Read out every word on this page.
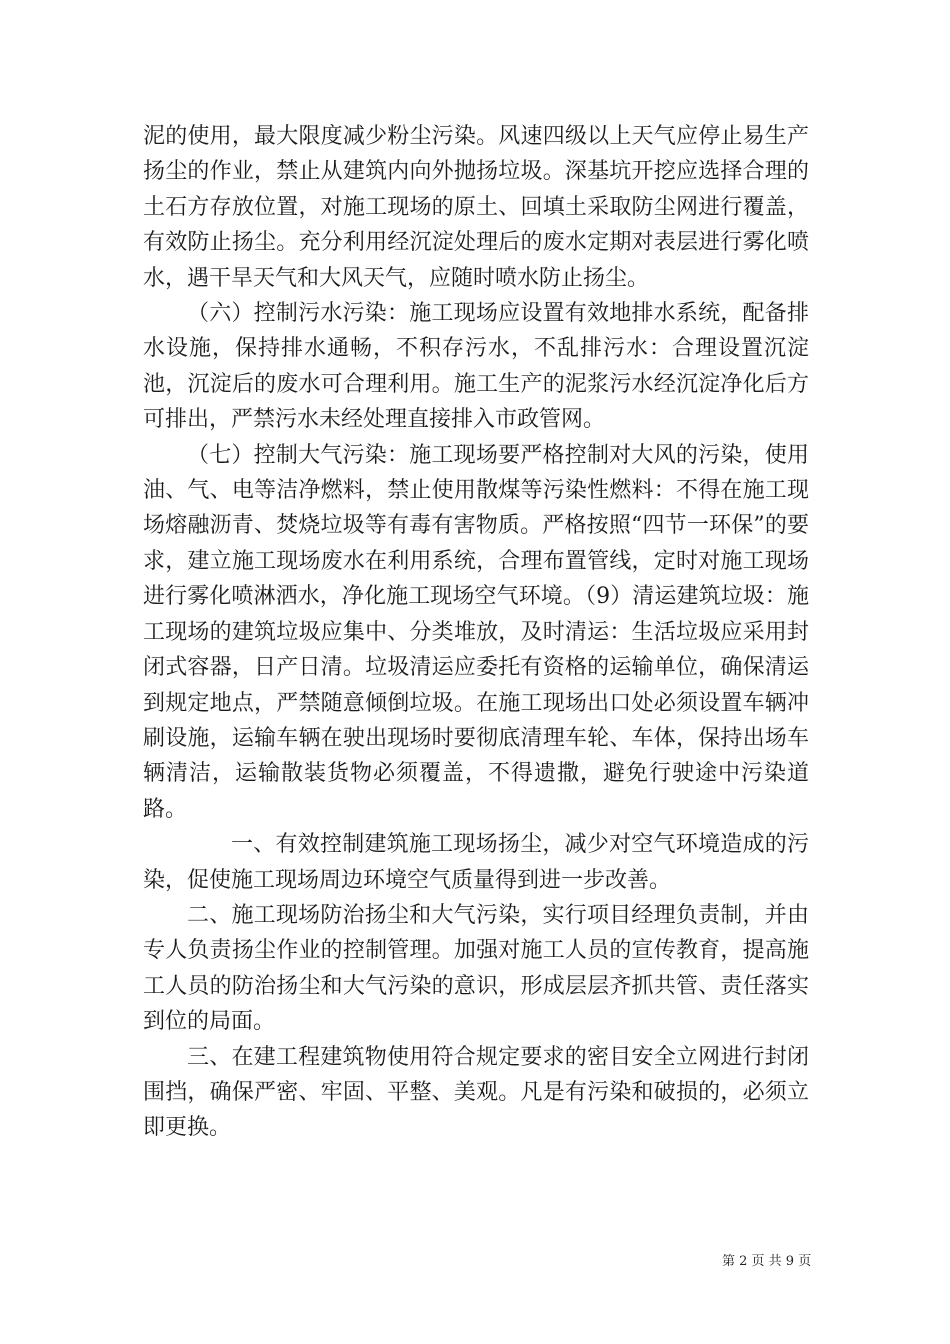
泥的使用，最大限度减少粉尘污染。风速四级以上天气应停止易生产扬尘的作业，禁止从建筑内向外抛扬垃圾。深基坑开挖应选择合理的土石方存放位置，对施工现场的原土、回填土采取防尘网进行覆盖，有效防止扬尘。充分利用经沉淀处理后的废水定期对表层进行雾化喷水，遇干旱天气和大风天气，应随时喷水防止扬尘。

（六）控制污水污染：施工现场应设置有效地排水系统，配备排水设施，保持排水通畅，不积存污水，不乱排污水：合理设置沉淀池，沉淀后的废水可合理利用。施工生产的泥浆污水经沉淀净化后方可排出，严禁污水未经处理直接排入市政管网。

（七）控制大气污染：施工现场要严格控制对大风的污染，使用油、气、电等洁净燃料，禁止使用散煤等污染性燃料：不得在施工现场熔融沥青、焚烧垃圾等有毒有害物质。严格按照“四节一环保”的要求，建立施工现场废水在利用系统，合理布置管线，定时对施工现场进行雾化喷淋洒水，净化施工现场空气环境。（9）清运建筑垃圾：施工现场的建筑垃圾应集中、分类堆放，及时清运：生活垃圾应采用封闭式容器，日产日清。垃圾清运应委托有资格的运输单位，确保清运到规定地点，严禁随意倾倒垃圾。在施工现场出口处必须设置车辆冲刷设施，运输车辆在驶出现场时要彻底清理车轮、车体，保持出场车辆清洁，运输散装货物必须覆盖，不得遗撒，避免行驶途中污染道路。

一、有效控制建筑施工现场扬尘，减少对空气环境造成的污染，促使施工现场周边环境空气质量得到进一步改善。

二、施工现场防治扬尘和大气污染，实行项目经理负责制，并由专人负责扬尘作业的控制管理。加强对施工人员的宣传教育，提高施工人员的防治扬尘和大气污染的意识，形成层层齐抓共管、责任落实到位的局面。

三、在建工程建筑物使用符合规定要求的密目安全立网进行封闭围挡，确保严密、牢固、平整、美观。凡是有污染和破损的，必须立即更换。

第 2 页 共 9 页
